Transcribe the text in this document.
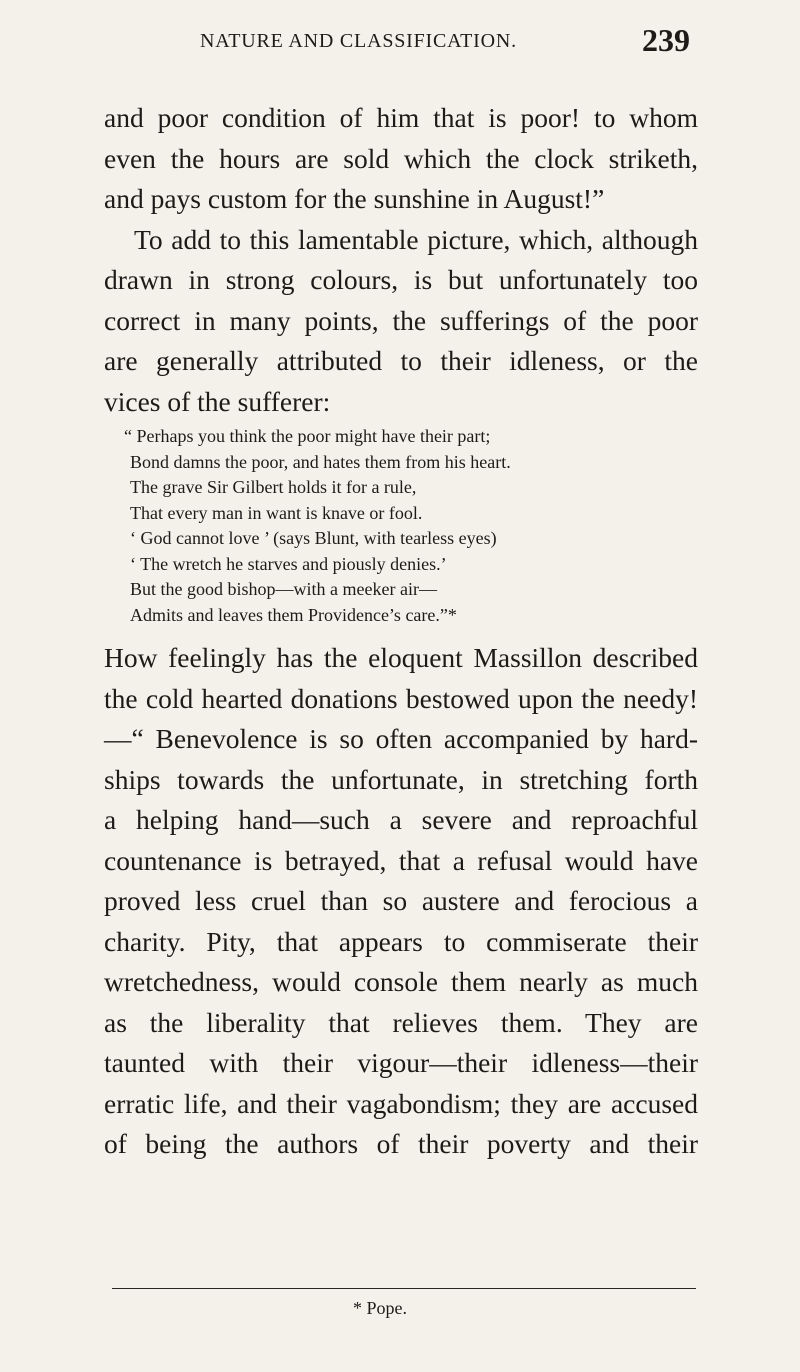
NATURE AND CLASSIFICATION.	239
and poor condition of him that is poor! to whom
even the hours are sold which the clock striketh,
and pays custom for the sunshine in August!”
To add to this lamentable picture, which, although
drawn in strong colours, is but unfortunately too
correct in many points, the sufferings of the poor
are generally attributed to their idleness, or the
vices of the sufferer:
“ Perhaps you think the poor might have their part;
Bond damns the poor, and hates them from his heart.
The grave Sir Gilbert holds it for a rule,
That every man in want is knave or fool.
‘ God cannot love ’ (says Blunt, with tearless eyes)
‘ The wretch he starves and piously denies.’
But the good bishop—with a meeker air—
Admits and leaves them Providence’s care.”*
How feelingly has the eloquent Massillon described
the cold hearted donations bestowed upon the needy!
—“ Benevolence is so often accompanied by hard-
ships towards the unfortunate, in stretching forth
a helping hand—such a severe and reproachful
countenance is betrayed, that a refusal would have
proved less cruel than so austere and ferocious a
charity. Pity, that appears to commiserate their
wretchedness, would console them nearly as much
as the liberality that relieves them. They are
taunted with their vigour—their idleness—their
erratic life, and their vagabondism; they are accused
of being the authors of their poverty and their
* Pope.
